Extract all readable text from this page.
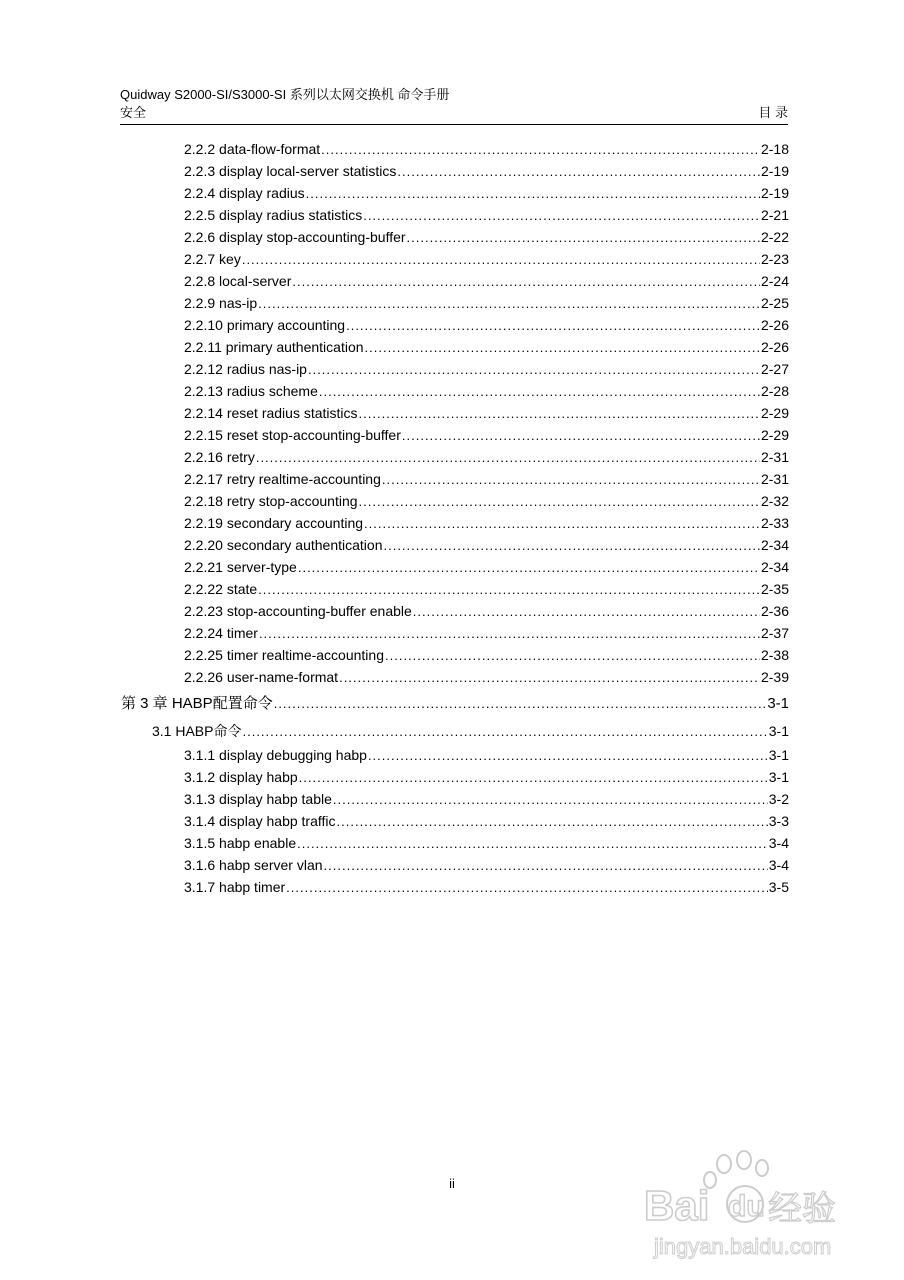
Quidway S2000-SI/S3000-SI 系列以太网交换机 命令手册
安全	目 录
2.2.2 data-flow-format .....	2-18
2.2.3 display local-server statistics .....	2-19
2.2.4 display radius .....	2-19
2.2.5 display radius statistics .....	2-21
2.2.6 display stop-accounting-buffer .....	2-22
2.2.7 key .....	2-23
2.2.8 local-server .....	2-24
2.2.9 nas-ip .....	2-25
2.2.10 primary accounting .....	2-26
2.2.11 primary authentication .....	2-26
2.2.12 radius nas-ip .....	2-27
2.2.13 radius scheme .....	2-28
2.2.14 reset radius statistics .....	2-29
2.2.15 reset stop-accounting-buffer .....	2-29
2.2.16 retry .....	2-31
2.2.17 retry realtime-accounting .....	2-31
2.2.18 retry stop-accounting .....	2-32
2.2.19 secondary accounting .....	2-33
2.2.20 secondary authentication .....	2-34
2.2.21 server-type .....	2-34
2.2.22 state .....	2-35
2.2.23 stop-accounting-buffer enable .....	2-36
2.2.24 timer .....	2-37
2.2.25 timer realtime-accounting .....	2-38
2.2.26 user-name-format .....	2-39
第 3 章 HABP配置命令 .....	3-1
3.1 HABP命令 .....	3-1
3.1.1 display debugging habp .....	3-1
3.1.2 display habp .....	3-1
3.1.3 display habp table .....	3-2
3.1.4 display habp traffic .....	3-3
3.1.5 habp enable .....	3-4
3.1.6 habp server vlan .....	3-4
3.1.7 habp timer .....	3-5
ii	Bai du 经验
jingyan.baidu.com
